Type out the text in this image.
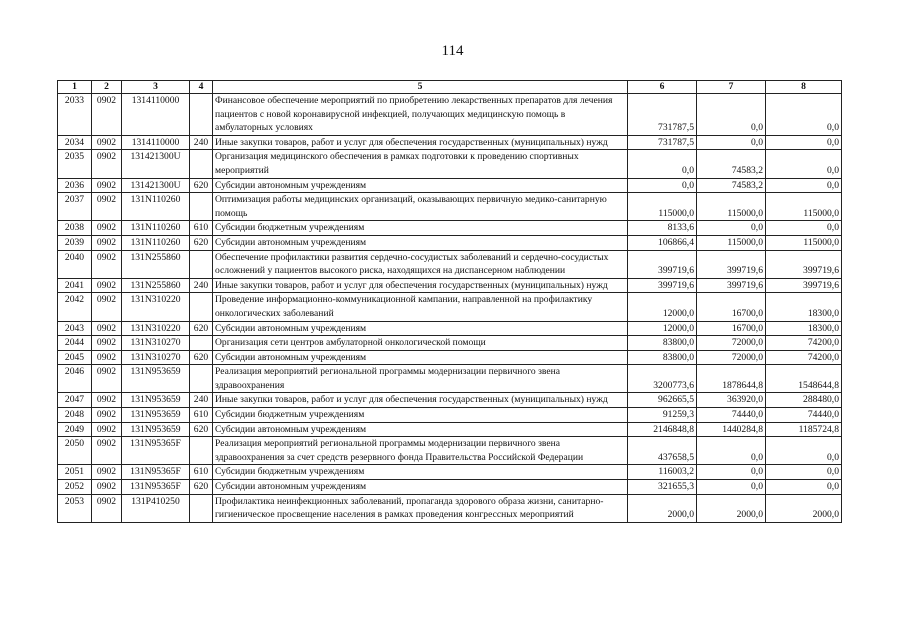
114
1	2	3	4	5	6	7	8
2033	0902	1314110000		Финансовое обеспечение мероприятий по приобретению лекарственных препаратов для лечения пациентов с новой коронавирусной инфекцией, получающих медицинскую помощь в амбулаторных условиях	731787,5	0,0	0,0
2034	0902	1314110000	240	Иные закупки товаров, работ и услуг для обеспечения государственных (муниципальных) нужд	731787,5	0,0	0,0
2035	0902	131421300U		Организация медицинского обеспечения в рамках подготовки к проведению спортивных мероприятий	0,0	74583,2	0,0
2036	0902	131421300U	620	Субсидии автономным учреждениям	0,0	74583,2	0,0
2037	0902	131N110260		Оптимизация работы медицинских организаций, оказывающих первичную медико-санитарную помощь	115000,0	115000,0	115000,0
2038	0902	131N110260	610	Субсидии бюджетным учреждениям	8133,6	0,0	0,0
2039	0902	131N110260	620	Субсидии автономным учреждениям	106866,4	115000,0	115000,0
2040	0902	131N255860		Обеспечение профилактики развития сердечно-сосудистых заболеваний и сердечно-сосудистых осложнений у пациентов высокого риска, находящихся на диспансерном наблюдении	399719,6	399719,6	399719,6
2041	0902	131N255860	240	Иные закупки товаров, работ и услуг для обеспечения государственных (муниципальных) нужд	399719,6	399719,6	399719,6
2042	0902	131N310220		Проведение информационно-коммуникационной кампании, направленной на профилактику онкологических заболеваний	12000,0	16700,0	18300,0
2043	0902	131N310220	620	Субсидии автономным учреждениям	12000,0	16700,0	18300,0
2044	0902	131N310270		Организация сети центров амбулаторной онкологической помощи	83800,0	72000,0	74200,0
2045	0902	131N310270	620	Субсидии автономным учреждениям	83800,0	72000,0	74200,0
2046	0902	131N953659		Реализация мероприятий региональной программы модернизации первичного звена здравоохранения	3200773,6	1878644,8	1548644,8
2047	0902	131N953659	240	Иные закупки товаров, работ и услуг для обеспечения государственных (муниципальных) нужд	962665,5	363920,0	288480,0
2048	0902	131N953659	610	Субсидии бюджетным учреждениям	91259,3	74440,0	74440,0
2049	0902	131N953659	620	Субсидии автономным учреждениям	2146848,8	1440284,8	1185724,8
2050	0902	131N95365F		Реализация мероприятий региональной программы модернизации первичного звена здравоохранения за счет средств резервного фонда Правительства Российской Федерации	437658,5	0,0	0,0
2051	0902	131N95365F	610	Субсидии бюджетным учреждениям	116003,2	0,0	0,0
2052	0902	131N95365F	620	Субсидии автономным учреждениям	321655,3	0,0	0,0
2053	0902	131P410250		Профилактика неинфекционных заболеваний, пропаганда здорового образа жизни, санитарно-гигиеническое просвещение населения в рамках проведения конгрессных мероприятий	2000,0	2000,0	2000,0
